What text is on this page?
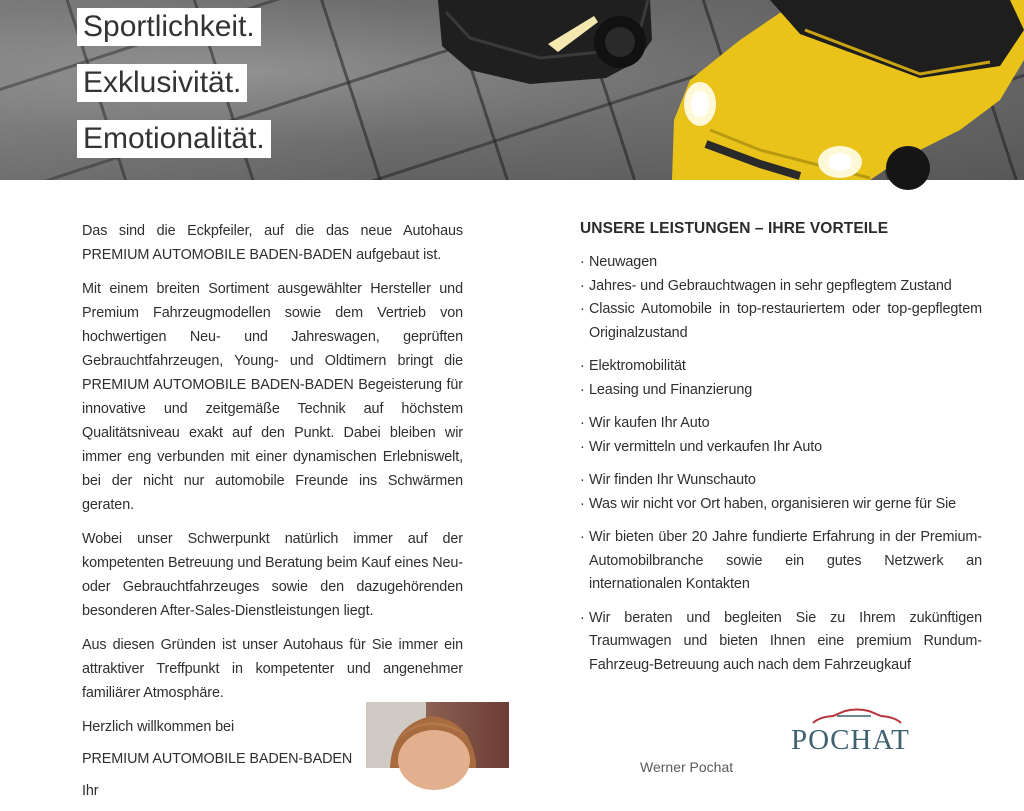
Sportlichkeit.
Exklusivität.
Emotionalität.

Das sind die Eckpfeiler, auf die das neue Autohaus PREMIUM AUTOMOBILE BADEN-BADEN aufgebaut ist.

Mit einem breiten Sortiment ausgewählter Hersteller und Premium Fahrzeugmodellen sowie dem Vertrieb von hochwertigen Neu- und Jahreswagen, geprüften Gebrauchtfahrzeugen, Young- und Oldtimern bringt die PREMIUM AUTOMOBILE BADEN-BADEN Begeisterung für innovative und zeitgemäße Technik auf höchstem Qualitätsniveau exakt auf den Punkt. Dabei bleiben wir immer eng verbunden mit einer dynamischen Erlebniswelt, bei der nicht nur automobile Freunde ins Schwärmen geraten.

Wobei unser Schwerpunkt natürlich immer auf der kompetenten Betreuung und Beratung beim Kauf eines Neu- oder Gebrauchtfahrzeuges sowie den dazugehörenden besonderen After-Sales-Dienstleistungen liegt.

Aus diesen Gründen ist unser Autohaus für Sie immer ein attraktiver Treffpunkt in kompetenter und angenehmer familiärer Atmosphäre.

Herzlich willkommen bei

PREMIUM AUTOMOBILE BADEN-BADEN

Ihr

UNSERE LEISTUNGEN – IHRE VORTEILE
· Neuwagen
· Jahres- und Gebrauchtwagen in sehr gepflegtem Zustand
· Classic Automobile in top-restauriertem oder top-gepflegtem Originalzustand
· Elektromobilität
· Leasing und Finanzierung
· Wir kaufen Ihr Auto
· Wir vermitteln und verkaufen Ihr Auto
· Wir finden Ihr Wunschauto
· Was wir nicht vor Ort haben, organisieren wir gerne für Sie
· Wir bieten über 20 Jahre fundierte Erfahrung in der Premium-Automobilbranche sowie ein gutes Netzwerk an internationalen Kontakten
· Wir beraten und begleiten Sie zu Ihrem zukünftigen Traumwagen und bieten Ihnen eine premium Rundum-Fahrzeug-Betreuung auch nach dem Fahrzeugkauf
POCHAT
Werner Pochat
